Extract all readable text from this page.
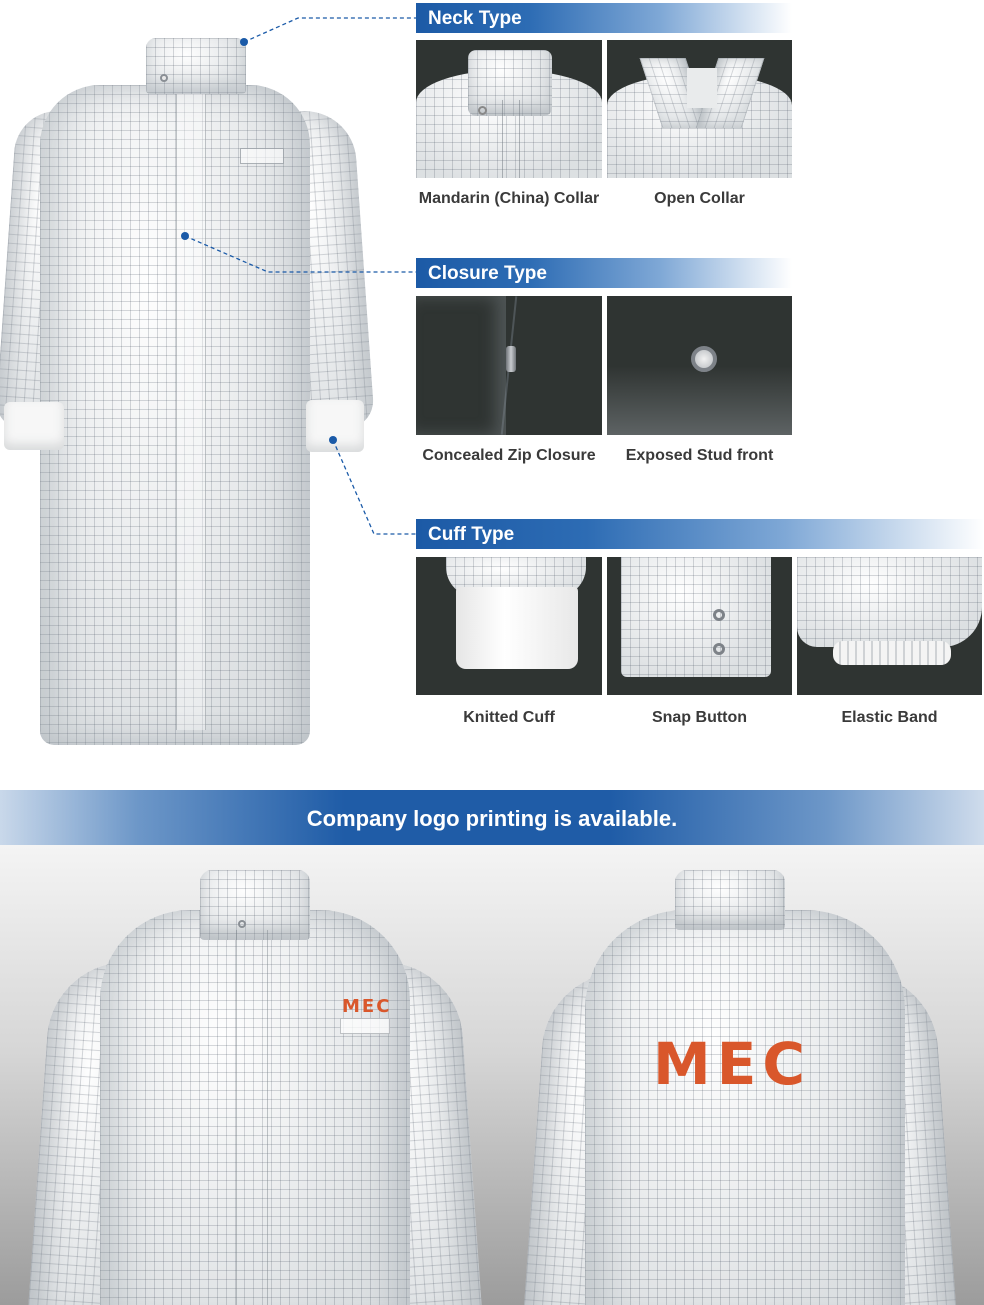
Neck Type
Mandarin (China) Collar	Open Collar
Closure Type
Concealed Zip Closure	Exposed Stud front
Cuff Type
Knitted Cuff	Snap Button	Elastic Band
Company logo printing is available.
MEC
MEC
